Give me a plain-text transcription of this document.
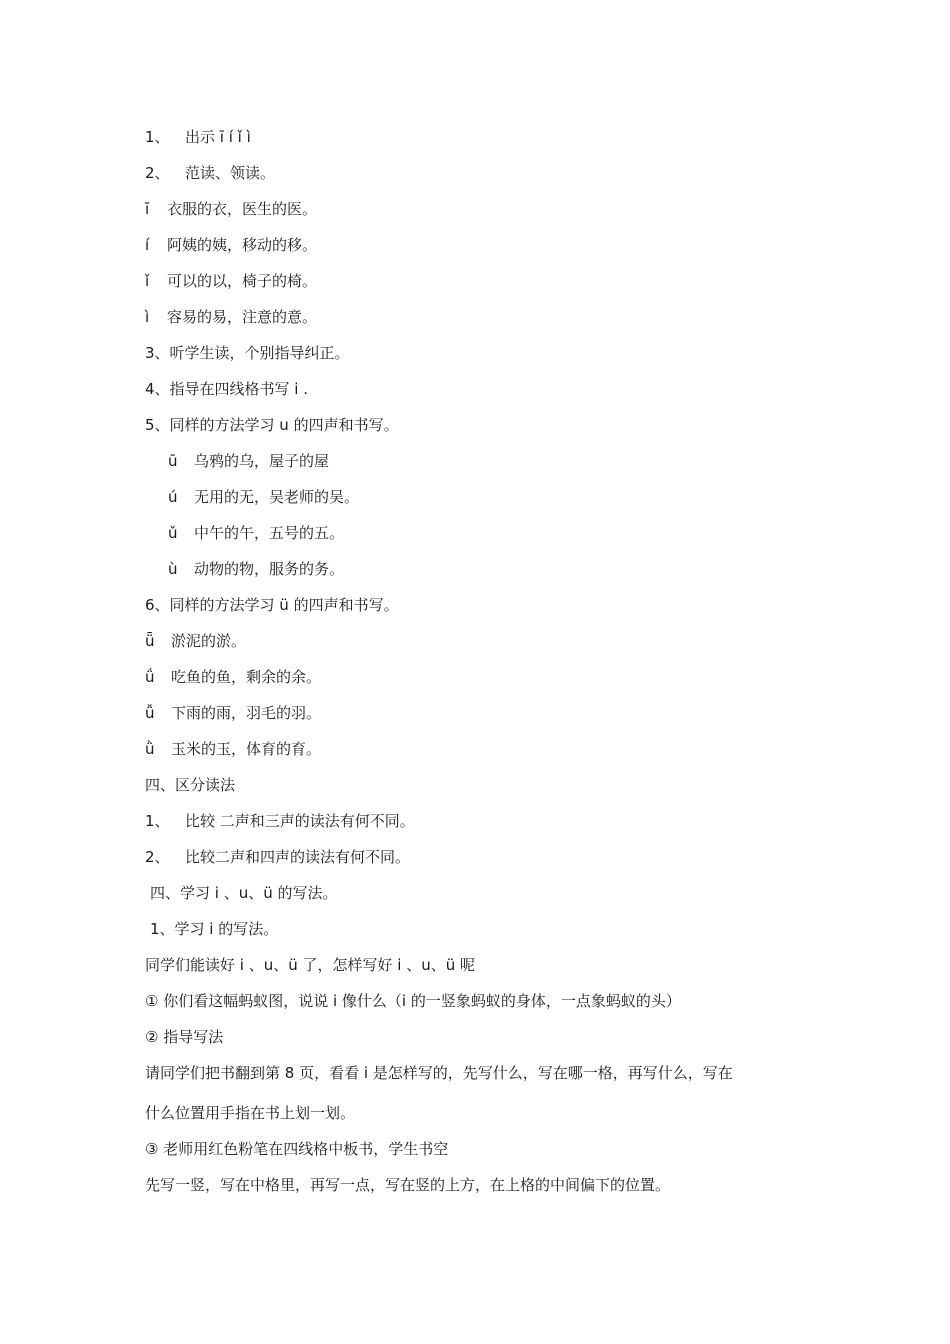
1、 出示 ī í ǐ ì
2、 范读、领读。
ī 衣服的衣，医生的医。
í 阿姨的姨，移动的移。
ǐ 可以的以，椅子的椅。
ì 容易的易，注意的意。
3、听学生读，个别指导纠正。
4、指导在四线格书写 i .
5、同样的方法学习 u 的四声和书写。
ū 乌鸦的乌，屋子的屋
ú 无用的无，吴老师的吴。
ǔ 中午的午，五号的五。
ù 动物的物，服务的务。
6、同样的方法学习 ü 的四声和书写。
ǖ 淤泥的淤。
ǘ 吃鱼的鱼，剩余的余。
ǚ 下雨的雨，羽毛的羽。
ǜ 玉米的玉，体育的育。
四、区分读法
1、 比较 二声和三声的读法有何不同。
2、 比较二声和四声的读法有何不同。
四、学习 i 、u、ü 的写法。
1、学习 i 的写法。
同学们能读好 i 、u、ü 了，怎样写好 i 、u、ü 呢
① 你们看这幅蚂蚁图，说说 i 像什么（i 的一竖象蚂蚁的身体，一点象蚂蚁的头）
② 指导写法
请同学们把书翻到第 8 页，看看 i 是怎样写的，先写什么，写在哪一格，再写什么，写在
什么位置用手指在书上划一划。
③ 老师用红色粉笔在四线格中板书，学生书空
先写一竖，写在中格里，再写一点，写在竖的上方，在上格的中间偏下的位置。
